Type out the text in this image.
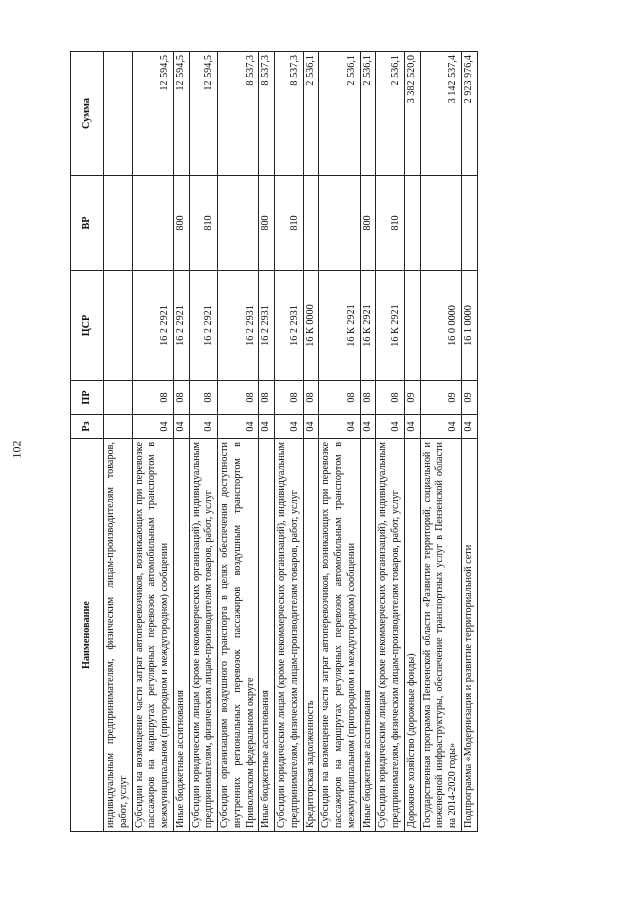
102
Наименование	Рз	ПР	ЦСР	ВР	Сумма
индивидуальным предпринимателям, физическим лицам-производителям товаров, работ, услуг					
Субсидии на возмещение части затрат автоперевозчиков, возникающих при перевозке пассажиров на маршрутах регулярных перевозок автомобильным транспортом в межмуниципальном (пригородном и междугородном) сообщении	04	08	16 2 2921		12 594,5
Иные бюджетные ассигнования	04	08	16 2 2921	800	12 594,5
Субсидии юридическим лицам (кроме некоммерческих организаций), индивидуальным предпринимателям, физическим лицам-производителям товаров, работ, услуг	04	08	16 2 2921	810	12 594,5
Субсидии организациям воздушного транспорта в целях обеспечения доступности внутренних региональных перевозок пассажиров воздушным транспортом в Приволжском федеральном округе	04	08	16 2 2931		8 537,3
Иные бюджетные ассигнования	04	08	16 2 2931	800	8 537,3
Субсидии юридическим лицам (кроме некоммерческих организаций), индивидуальным предпринимателям, физическим лицам-производителям товаров, работ, услуг	04	08	16 2 2931	810	8 537,3
Кредиторская задолженность	04	08	16 К 0000		2 536,1
Субсидии на возмещение части затрат автоперевозчиков, возникающих при перевозке пассажиров на маршрутах регулярных перевозок автомобильным транспортом в межмуниципальном (пригородном и междугородном) сообщении	04	08	16 К 2921		2 536,1
Иные бюджетные ассигнования	04	08	16 К 2921	800	2 536,1
Субсидии юридическим лицам (кроме некоммерческих организаций), индивидуальным предпринимателям, физическим лицам-производителям товаров, работ, услуг	04	08	16 К 2921	810	2 536,1
Дорожное хозяйство (дорожные фонды)	04	09			3 382 520,0
Государственная программа Пензенской области «Развитие территорий, социальной и инженерной инфраструктуры, обеспечение транспортных услуг в Пензенской области на 2014-2020 годы»	04	09	16 0 0000		3 142 537,4
Подпрограмма «Модернизация и развитие территориальной сети	04	09	16 1 0000		2 923 976,4
